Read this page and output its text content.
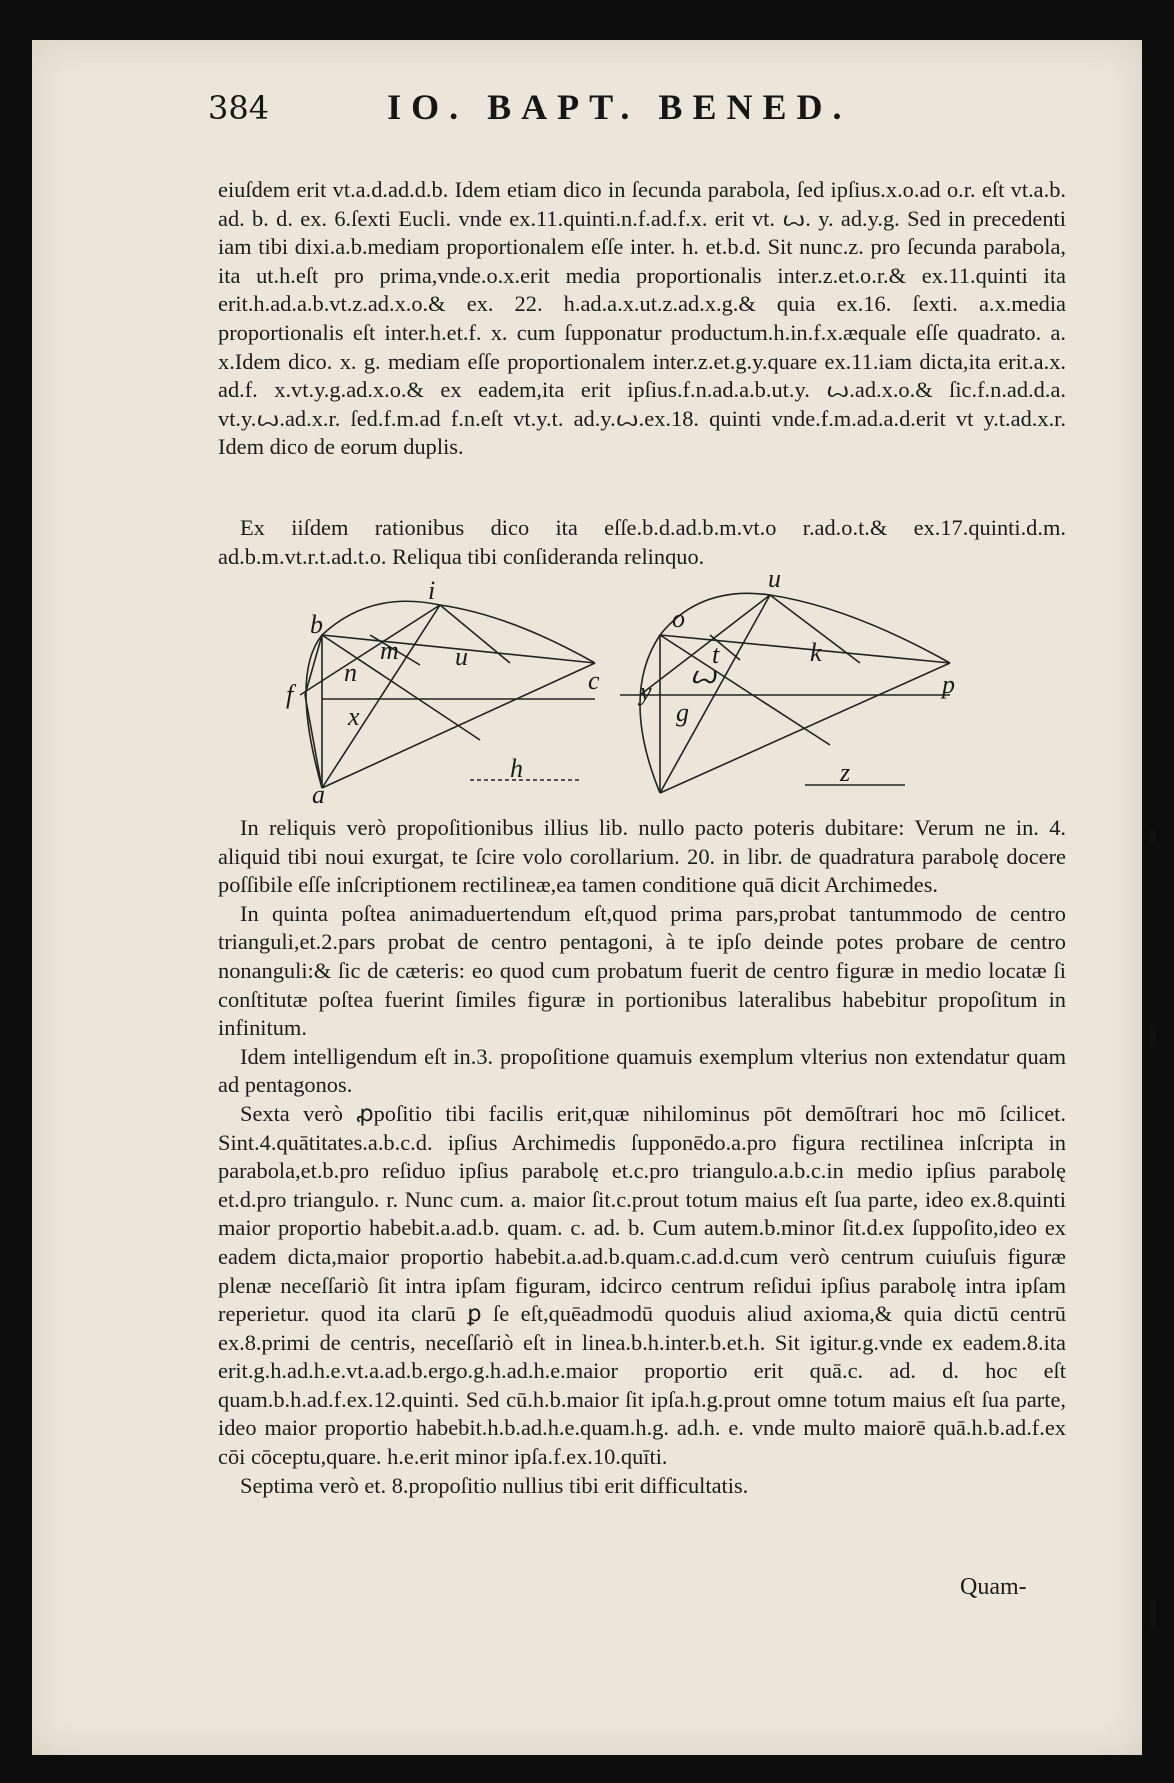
384	IO. BAPT. BENED.

eiuſdem erit vt.a.d.ad.d.b. Idem etiam dico in ſecunda parabola, ſed ipſius.x.o.ad o.r. eſt vt.a.b. ad. b. d. ex. 6.ſexti Eucli. vnde ex.11.quinti.n.f.ad.f.x. erit vt. ꙍ. y. ad.y.g. Sed in precedenti iam tibi dixi.a.b.mediam proportionalem eſſe inter. h. et.b.d. Sit nunc.z. pro ſecunda parabola, ita ut.h.eſt pro prima,vnde.o.x.erit media proportionalis inter.z.et.o.r.& ex.11.quinti ita erit.h.ad.a.b.vt.z.ad.x.o.& ex. 22. h.ad.a.x.ut.z.ad.x.g.& quia ex.16. ſexti. a.x.media proportionalis eſt inter.h.et.f. x. cum ſupponatur productum.h.in.f.x.æquale eſſe quadrato. a. x.Idem dico. x. g. mediam eſſe proportionalem inter.z.et.g.y.quare ex.11.iam dicta,ita erit.a.x. ad.f. x.vt.y.g.ad.x.o.& ex eadem,ita erit ipſius.f.n.ad.a.b.ut.y. ꙍ.ad.x.o.& ſic.f.n.ad.d.a. vt.y.ꙍ.ad.x.r. ſed.f.m.ad f.n.eſt vt.y.t. ad.y.ꙍ.ex.18. quinti vnde.f.m.ad.a.d.erit vt y.t.ad.x.r. Idem dico de eorum duplis.

Ex iiſdem rationibus dico ita eſſe.b.d.ad.b.m.vt.o r.ad.o.t.& ex.17.quinti.d.m. ad.b.m.vt.r.t.ad.t.o. Reliqua tibi conſideranda relinquo.

b
i
m u
f
n
x
c
a
h
o
u
t	k
y	p
ꙍ
g
z

In reliquis verò propoſitionibus illius lib. nullo pacto poteris dubitare: Verum ne in. 4. aliquid tibi noui exurgat, te ſcire volo corollarium. 20. in libr. de quadratura parabolę docere poſſibile eſſe inſcriptionem rectilineæ,ea tamen conditione quā dicit Archimedes.

In quinta poſtea animaduertendum eſt,quod prima pars,probat tantummodo de centro trianguli,et.2.pars probat de centro pentagoni, à te ipſo deinde potes probare de centro nonanguli:& ſic de cæteris: eo quod cum probatum fuerit de centro figuræ in medio locatæ ſi conſtitutæ poſtea fuerint ſimiles figuræ in portionibus lateralibus habebitur propoſitum in infinitum.

Idem intelligendum eſt in.3. propoſitione quamuis exemplum vlterius non extendatur quam ad pentagonos.

Sexta verò ꝓpoſitio tibi facilis erit,quæ nihilominus pōt demōſtrari hoc mō ſcilicet. Sint.4.quātitates.a.b.c.d. ipſius Archimedis ſupponēdo.a.pro figura rectilinea inſcripta in parabola,et.b.pro reſiduo ipſius parabolę et.c.pro triangulo.a.b.c.in medio ipſius parabolę et.d.pro triangulo. r. Nunc cum. a. maior ſit.c.prout totum maius eſt ſua parte, ideo ex.8.quinti maior proportio habebit.a.ad.b. quam. c. ad. b. Cum autem.b.minor ſit.d.ex ſuppoſito,ideo ex eadem dicta,maior proportio habebit.a.ad.b.quam.c.ad.d.cum verò centrum cuiuſuis figuræ plenæ neceſſariò ſit intra ipſam figuram, idcirco centrum reſidui ipſius parabolę intra ipſam reperietur. quod ita clarū ꝑ ſe eſt,quēadmodū quoduis aliud axioma,& quia dictū centrū ex.8.primi de centris, neceſſariò eſt in linea.b.h.inter.b.et.h. Sit igitur.g.vnde ex eadem.8.ita erit.g.h.ad.h.e.vt.a.ad.b.ergo.g.h.ad.h.e.maior proportio erit quā.c. ad. d. hoc eſt quam.b.h.ad.f.ex.12.quinti. Sed cū.h.b.maior ſit ipſa.h.g.prout omne totum maius eſt ſua parte, ideo maior proportio habebit.h.b.ad.h.e.quam.h.g. ad.h. e. vnde multo maiorē quā.h.b.ad.f.ex cōi cōceptu,quare. h.e.erit minor ipſa.f.ex.10.quīti.

Septima verò et. 8.propoſitio nullius tibi erit difficultatis.

Quam-
